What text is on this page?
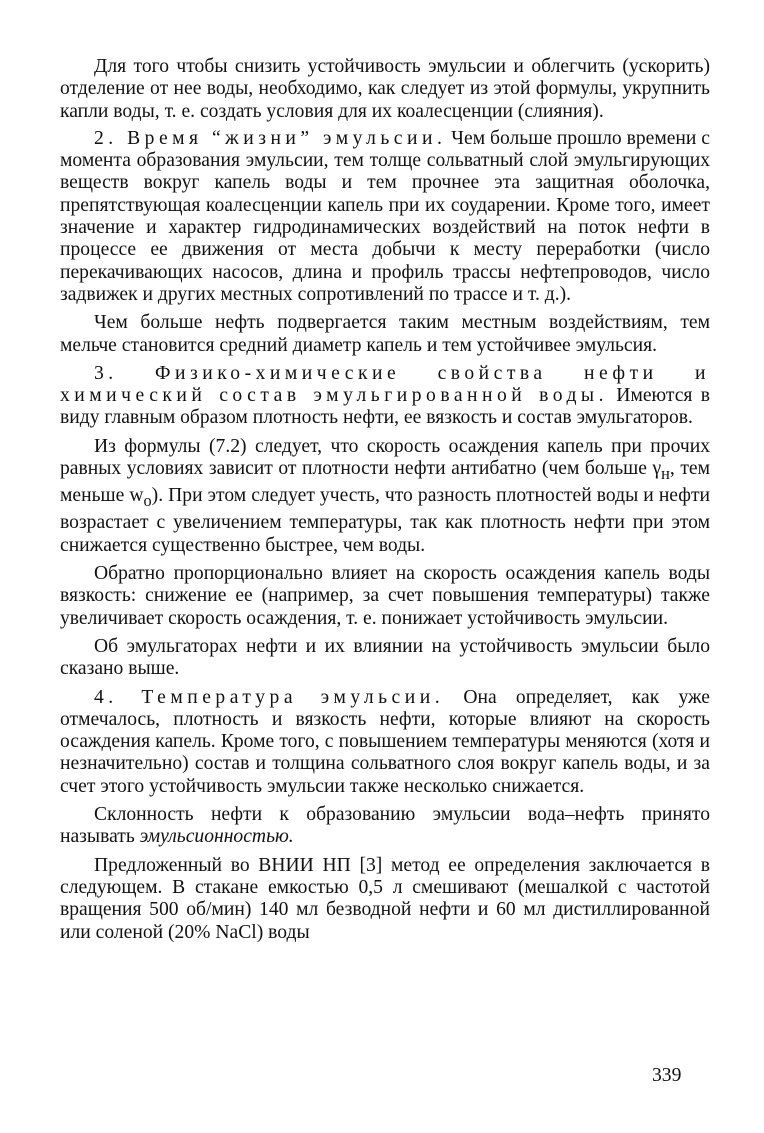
Для того чтобы снизить устойчивость эмульсии и облегчить (ускорить) отделение от нее воды, необходимо, как следует из этой формулы, укрупнить капли воды, т. е. создать условия для их коалесценции (слияния).

2. Время “жизни” эмульсии. Чем больше прошло времени с момента образования эмульсии, тем толще сольватный слой эмульгирующих веществ вокруг капель воды и тем прочнее эта защитная оболочка, препятствующая коалесценции капель при их соударении. Кроме того, имеет значение и характер гидродинамических воздействий на поток нефти в процессе ее движения от места добычи к месту переработки (число перекачивающих насосов, длина и профиль трассы нефтепроводов, число задвижек и других местных сопротивлений по трассе и т. д.).

Чем больше нефть подвергается таким местным воздействиям, тем мельче становится средний диаметр капель и тем устойчивее эмульсия.

3. Физико-химические свойства нефти и химический состав эмульгированной воды. Имеются в виду главным образом плотность нефти, ее вязкость и состав эмульгаторов.

Из формулы (7.2) следует, что скорость осаждения капель при прочих равных условиях зависит от плотности нефти антибатно (чем больше $\gamma_н$, тем меньше $w_о$). При этом следует учесть, что разность плотностей воды и нефти возрастает с увеличением температуры, так как плотность нефти при этом снижается существенно быстрее, чем воды.

Обратно пропорционально влияет на скорость осаждения капель воды вязкость: снижение ее (например, за счет повышения температуры) также увеличивает скорость осаждения, т. е. понижает устойчивость эмульсии.

Об эмульгаторах нефти и их влиянии на устойчивость эмульсии было сказано выше.

4. Температура эмульсии. Она определяет, как уже отмечалось, плотность и вязкость нефти, которые влияют на скорость осаждения капель. Кроме того, с повышением температуры меняются (хотя и незначительно) состав и толщина сольватного слоя вокруг капель воды, и за счет этого устойчивость эмульсии также несколько снижается.

Склонность нефти к образованию эмульсии вода–нефть принято называть эмульсионностью.

Предложенный во ВНИИ НП [3] метод ее определения заключается в следующем. В стакане емкостью 0,5 л смешивают (мешалкой с частотой вращения 500 об/мин) 140 мл безводной нефти и 60 мл дистиллированной или соленой (20% NaCl) воды

339
